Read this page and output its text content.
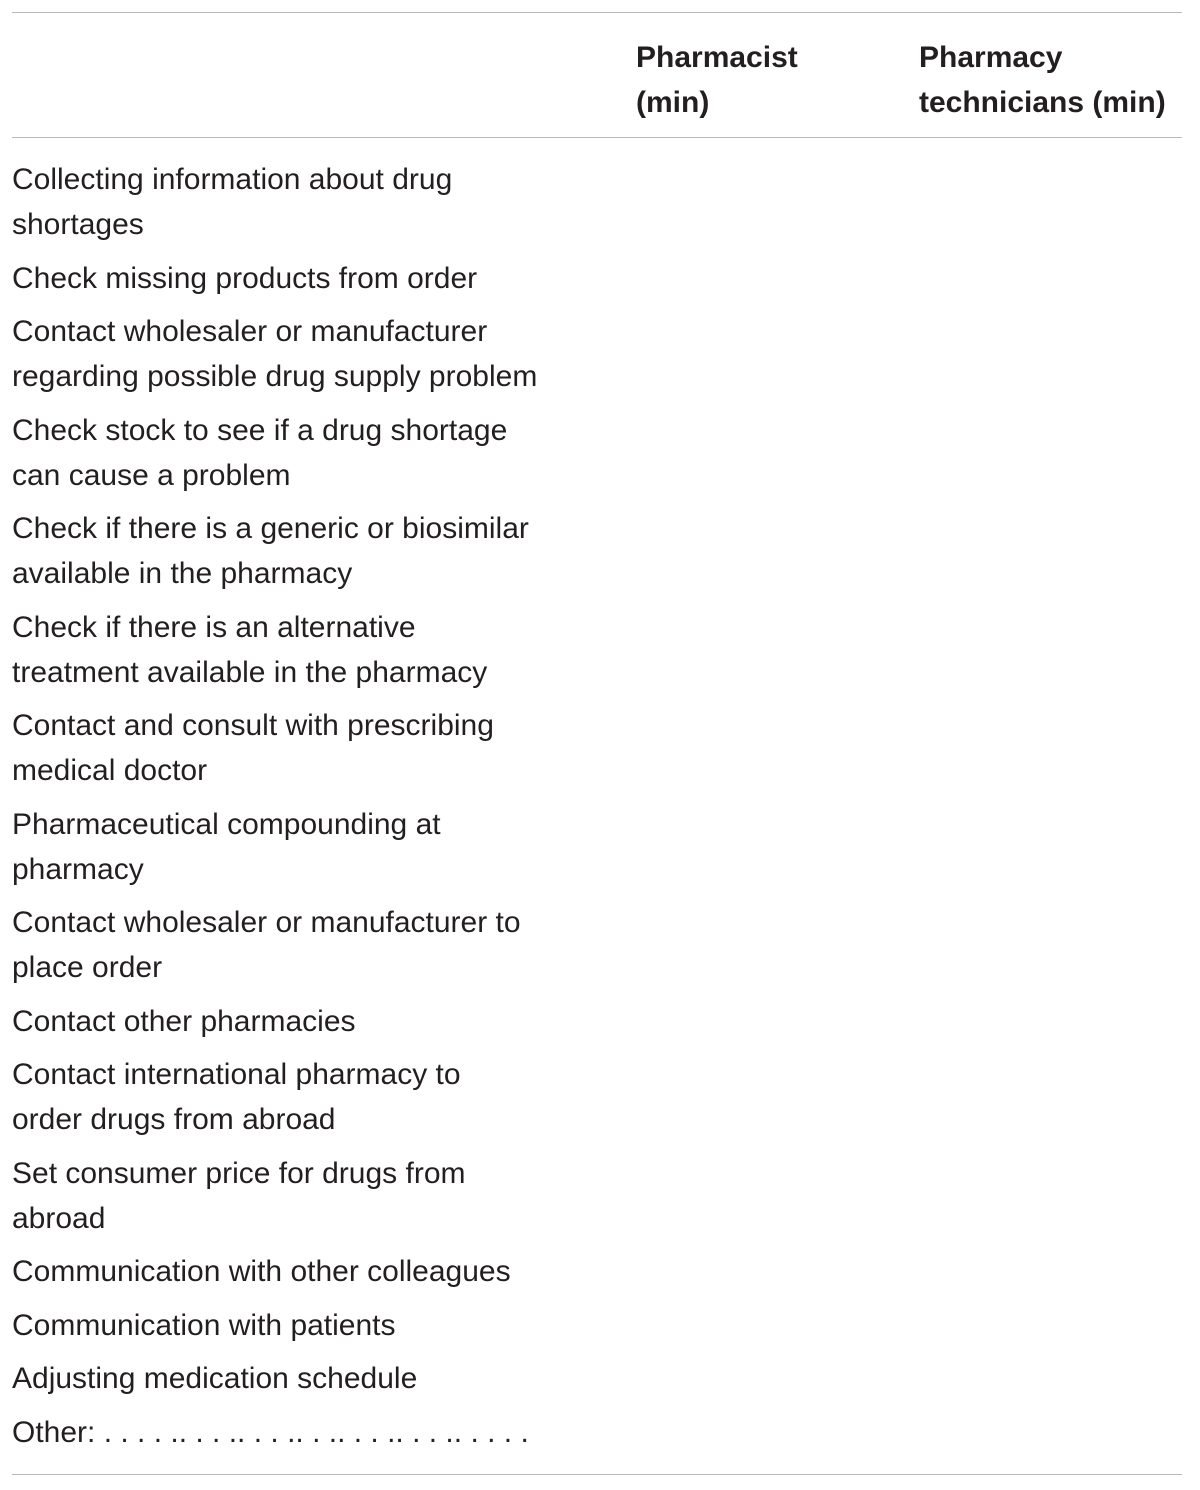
Pharmacist
(min)
Pharmacy
technicians (min)
Collecting information about drug
shortages
Check missing products from order
Contact wholesaler or manufacturer
regarding possible drug supply problem
Check stock to see if a drug shortage
can cause a problem
Check if there is a generic or biosimilar
available in the pharmacy
Check if there is an alternative
treatment available in the pharmacy
Contact and consult with prescribing
medical doctor
Pharmaceutical compounding at
pharmacy
Contact wholesaler or manufacturer to
place order
Contact other pharmacies
Contact international pharmacy to
order drugs from abroad
Set consumer price for drugs from
abroad
Communication with other colleagues
Communication with patients
Adjusting medication schedule
Other: . . . . .. . . .. . . .. . .. . . .. . . .. . . . .
